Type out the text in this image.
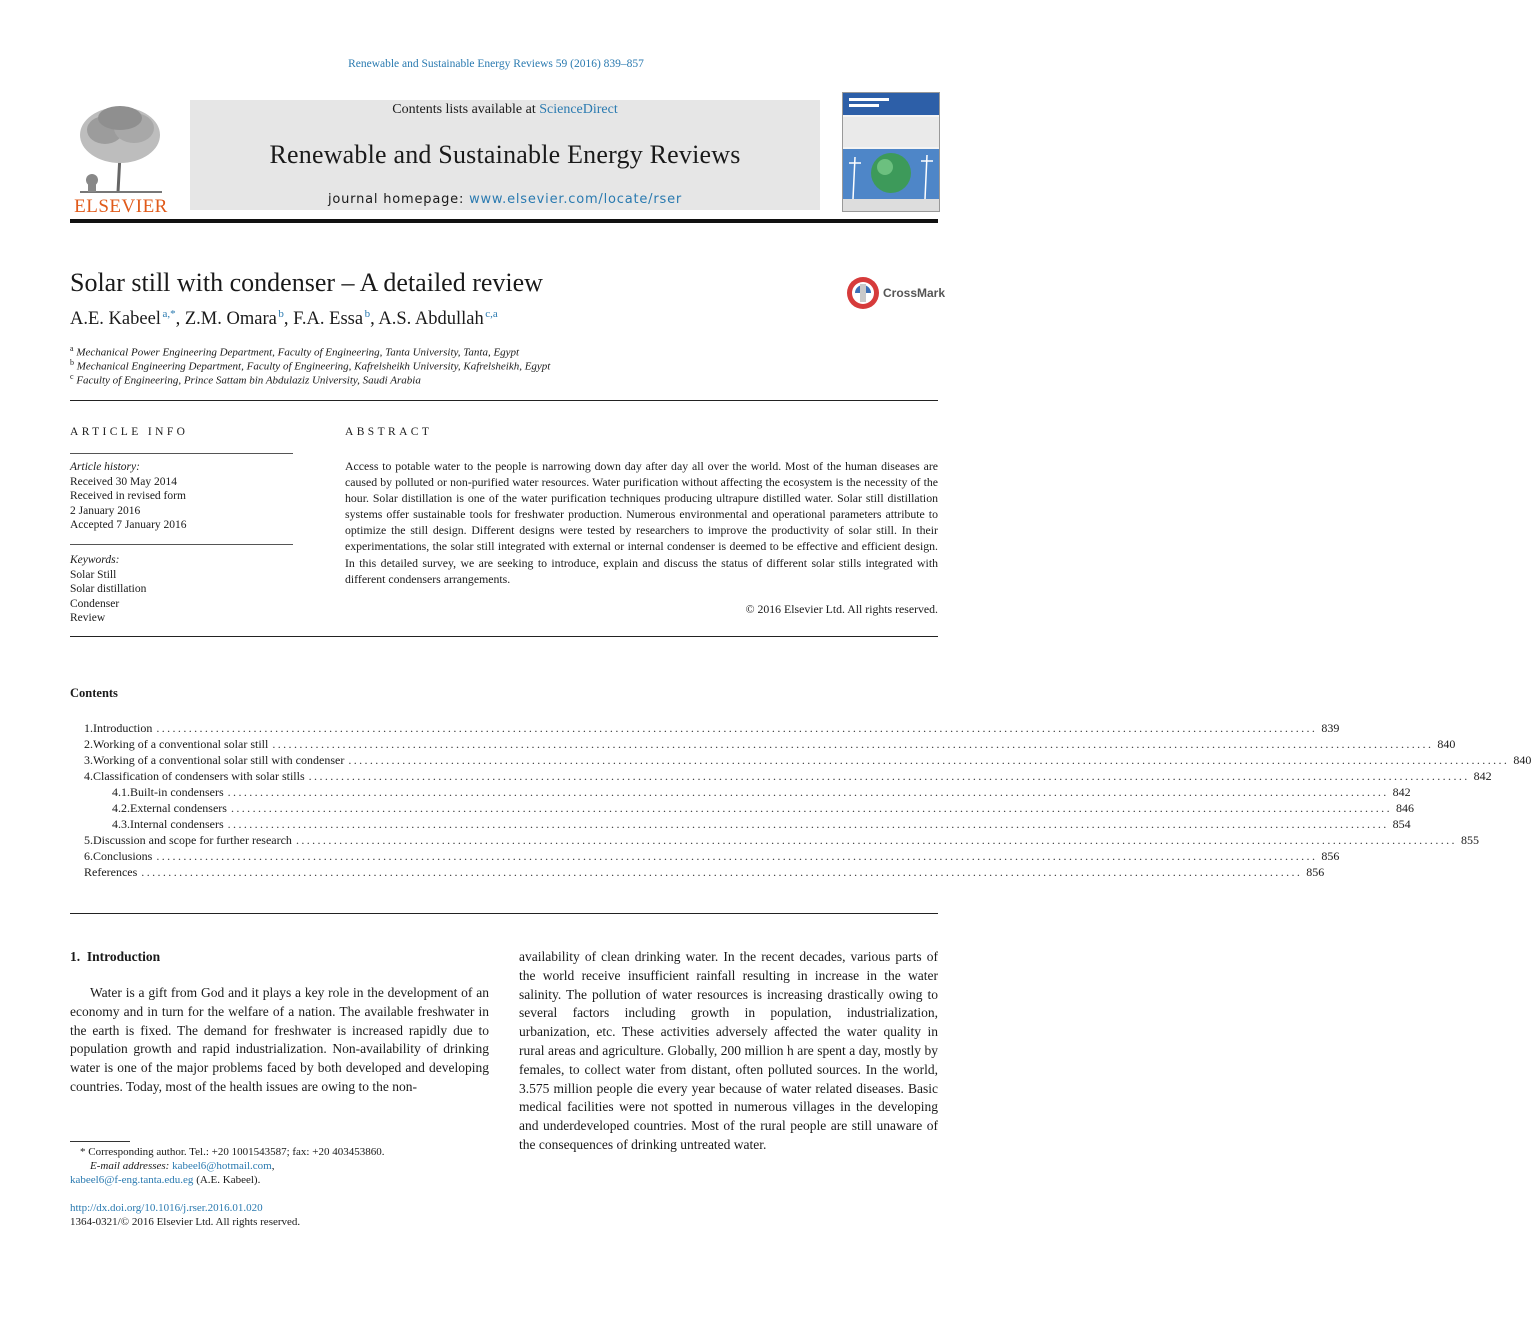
Renewable and Sustainable Energy Reviews 59 (2016) 839–857
ELSEVIER
Contents lists available at ScienceDirect
Renewable and Sustainable Energy Reviews
journal homepage: www.elsevier.com/locate/rser
Solar still with condenser – A detailed review	CrossMark
A.E. Kabeel  $^{a,*}$, Z.M. Omara  $^b$, F.A. Essa  $^b$, A.S. Abdullah  $^{c,a}$
$^a$ Mechanical Power Engineering Department, Faculty of Engineering, Tanta University, Tanta, Egypt
$^b$ Mechanical Engineering Department, Faculty of Engineering, Kafrelsheikh University, Kafrelsheikh, Egypt
$^c$ Faculty of Engineering, Prince Sattam bin Abdulaziz University, Saudi Arabia
ARTICLE INFO
Article history:
Received 30 May 2014
Received in revised form
2 January 2016
Accepted 7 January 2016
Keywords:
Solar Still
Solar distillation
Condenser
Review
ABSTRACT
Access to potable water to the people is narrowing down day after day all over the world. Most of the human diseases are caused by polluted or non-purified water resources. Water purification without affecting the ecosystem is the necessity of the hour. Solar distillation is one of the water purification techniques producing ultrapure distilled water. Solar still distillation systems offer sustainable tools for freshwater production. Numerous environmental and operational parameters attribute to optimize the still design. Different designs were tested by researchers to improve the productivity of solar still. In their experimentations, the solar still integrated with external or internal condenser is deemed to be effective and efficient design. In this detailed survey, we are seeking to introduce, explain and discuss the status of different solar stills integrated with different condensers arrangements.
© 2016 Elsevier Ltd. All rights reserved.
Contents
1. Introduction ....................................................................................................................................................................................................................... 839
2. Working of a conventional solar still ....................................................................................................................................................................................................................... 840
3. Working of a conventional solar still with condenser ....................................................................................................................................................................................................................... 840
4. Classification of condensers with solar stills ....................................................................................................................................................................................................................... 842
4.1. Built-in condensers ....................................................................................................................................................................................................................... 842
4.2. External condensers ....................................................................................................................................................................................................................... 846
4.3. Internal condensers ....................................................................................................................................................................................................................... 854
5. Discussion and scope for further research ....................................................................................................................................................................................................................... 855
6. Conclusions ....................................................................................................................................................................................................................... 856
References ....................................................................................................................................................................................................................... 856
1.  Introduction
Water is a gift from God and it plays a key role in the development of an economy and in turn for the welfare of a nation. The available freshwater in the earth is fixed. The demand for freshwater is increased rapidly due to population growth and rapid industrialization. Non-availability of drinking water is one of the major problems faced by both developed and developing countries. Today, most of the health issues are owing to the non-
availability of clean drinking water. In the recent decades, various parts of the world receive insufficient rainfall resulting in increase in the water salinity. The pollution of water resources is increasing drastically owing to several factors including growth in population, industrialization, urbanization, etc. These activities adversely affected the water quality in rural areas and agriculture. Globally, 200 million h are spent a day, mostly by females, to collect water from distant, often polluted sources. In the world, 3.575 million people die every year because of water related diseases. Basic medical facilities were not spotted in numerous villages in the developing and underdeveloped countries. Most of the rural people are still unaware of the consequences of drinking untreated water.
* Corresponding author. Tel.: +20 1001543587; fax: +20 403453860.
E-mail addresses: kabeel6@hotmail.com,
kabeel6@f-eng.tanta.edu.eg (A.E. Kabeel).
http://dx.doi.org/10.1016/j.rser.2016.01.020
1364-0321/© 2016 Elsevier Ltd. All rights reserved.
